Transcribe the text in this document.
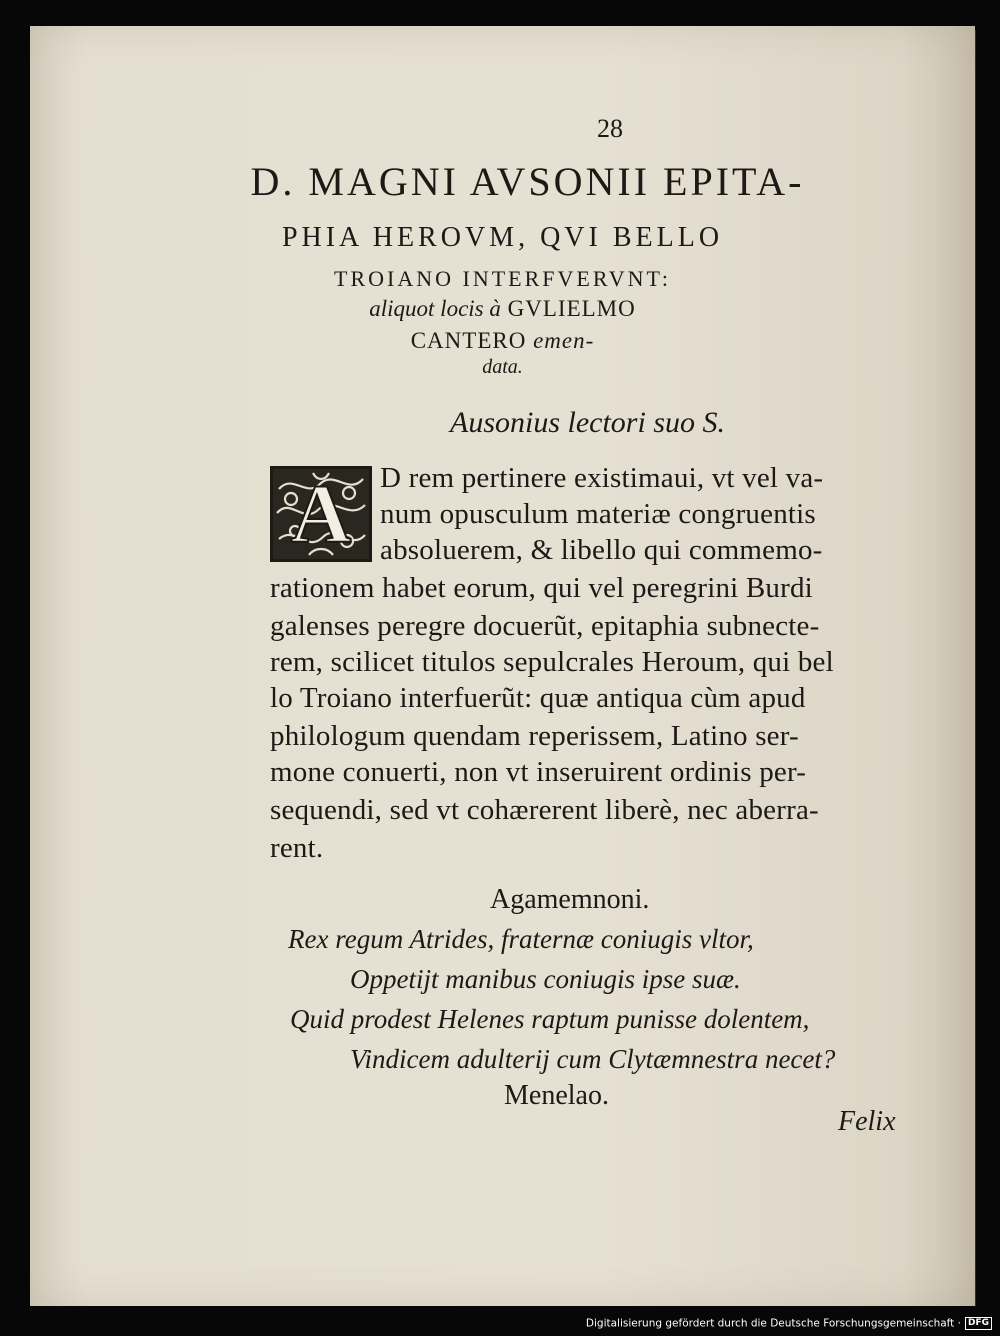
28
D. MAGNI AVSONII EPITA-
PHIA HEROVM, QVI BELLO
TROIANO INTERFVERVNT:
aliquot locis à GVLIELMO
CANTERO emen-
data.
Ausonius lectori suo S.
A D rem pertinere existimaui, vt vel va-
num opusculum materiæ congruentis
absoluerem, & libello qui commemo-
rationem habet eorum, qui vel peregrini Burdi
galenses peregre docuerũt, epitaphia subnecte-
rem, scilicet titulos sepulcrales Heroum, qui bel
lo Troiano interfuerũt: quæ antiqua cùm apud
philologum quendam reperissem, Latino ser-
mone conuerti, non vt inseruirent ordinis per-
sequendi, sed vt cohærerent liberè, nec aberra-
rent.
Agamemnoni.
Rex regum Atrides, fraternæ coniugis vltor,
Oppetijt manibus coniugis ipse suæ.
Quid prodest Helenes raptum punisse dolentem,
Vindicem adulterij cum Clytæmnestra necet?
Menelao.
Felix
Digitalisierung gefördert durch die Deutsche Forschungsgemeinschaft · DFG
